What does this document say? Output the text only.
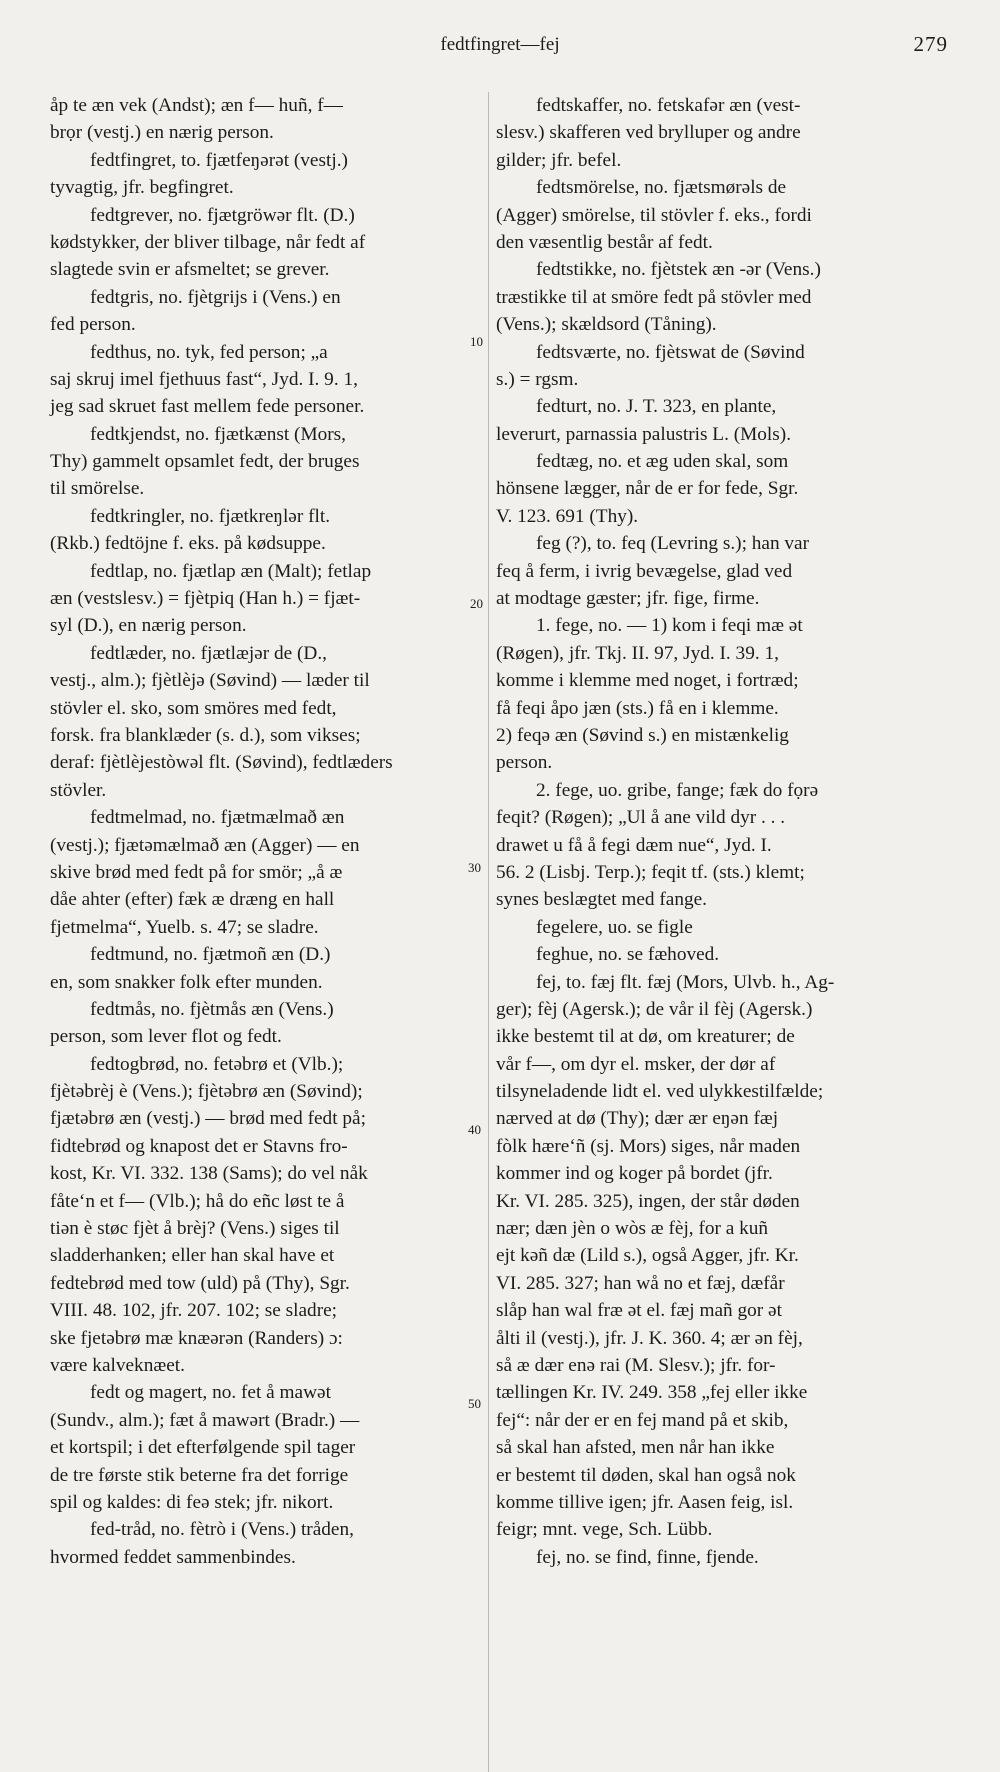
fedtfingret—fej	279
10
20
30
40
50
åp te æn vek (Andst); æn f— huñ, f—
brọr (vestj.) en nærig person.
fedtfingret, to. fjætfeŋərət (vestj.)
tyvagtig, jfr. begfingret.
fedtgrever, no. fjætgröwər flt. (D.)
kødstykker, der bliver tilbage, når fedt af
slagtede svin er afsmeltet; se grever.
fedtgris, no. fjètgrijs i (Vens.) en
fed person.
fedthus, no. tyk, fed person; „a
saj skruj imel fjethuus fast“, Jyd. I. 9. 1,
jeg sad skruet fast mellem fede personer.
fedtkjendst, no. fjætkænst (Mors,
Thy) gammelt opsamlet fedt, der bruges
til smörelse.
fedtkringler, no. fjætkreŋlər flt.
(Rkb.) fedtöjne f. eks. på kødsuppe.
fedtlap, no. fjætlap æn (Malt); fetlap
æn (vestslesv.) = fjètpiq (Han h.) = fjæt-
syl (D.), en nærig person.
fedtlæder, no. fjætlæjər de (D.,
vestj., alm.); fjètlèjə (Søvind) — læder til
stövler el. sko, som smöres med fedt,
forsk. fra blanklæder (s. d.), som vikses;
deraf: fjètlèjestòwəl flt. (Søvind), fedtlæders
stövler.
fedtmelmad, no. fjætmælmað æn
(vestj.); fjætəmælmað æn (Agger) — en
skive brød med fedt på for smör; „å æ
dåe ahter (efter) fæk æ dræng en hall
fjetmelma“, Yuelb. s. 47; se sladre.
fedtmund, no. fjætmoñ æn (D.)
en, som snakker folk efter munden.
fedtmås, no. fjètmås æn (Vens.)
person, som lever flot og fedt.
fedtogbrød, no. fetəbrø et (Vlb.);
fjètəbrèj è (Vens.); fjètəbrø æn (Søvind);
fjætəbrø æn (vestj.) — brød med fedt på;
fidtebrød og knapost det er Stavns fro-
kost, Kr. VI. 332. 138 (Sams); do vel nåk
fåte‘n et f— (Vlb.); hå do eñc løst te å
tiən è støc fjèt å brèj? (Vens.) siges til
sladderhanken; eller han skal have et
fedtebrød med tow (uld) på (Thy), Sgr.
VIII. 48. 102, jfr. 207. 102; se sladre;
ske fjetəbrø mæ knæərən (Randers) ɔ:
være kalveknæet.
fedt og magert, no. fet å mawət
(Sundv., alm.); fæt å mawərt (Bradr.) —
et kortspil; i det efterfølgende spil tager
de tre første stik beterne fra det forrige
spil og kaldes: di feə stek; jfr. nikort.
fed-tråd, no. fètrò i (Vens.) tråden,
hvormed feddet sammenbindes.
fedtskaffer, no. fetskafər æn (vest-
slesv.) skafferen ved brylluper og andre
gilder; jfr. befel.
fedtsmörelse, no. fjætsmørəls de
(Agger) smörelse, til stövler f. eks., fordi
den væsentlig består af fedt.
fedtstikke, no. fjètstek æn -ər (Vens.)
træstikke til at smöre fedt på stövler med
(Vens.); skældsord (Tåning).
fedtsværte, no. fjètswat de (Søvind
s.) = rgsm.
fedturt, no. J. T. 323, en plante,
leverurt, parnassia palustris L. (Mols).
fedtæg, no. et æg uden skal, som
hönsene lægger, når de er for fede, Sgr.
V. 123. 691 (Thy).
feg (?), to. feq (Levring s.); han var
feq å ferm, i ivrig bevægelse, glad ved
at modtage gæster; jfr. fige, firme.
1. fege, no. — 1) kom i feqi mæ ət
(Røgen), jfr. Tkj. II. 97, Jyd. I. 39. 1,
komme i klemme med noget, i fortræd;
få feqi åpo jæn (sts.) få en i klemme.
2) feqə æn (Søvind s.) en mistænkelig
person.
2. fege, uo. gribe, fange; fæk do fọrə
feqit? (Røgen); „Ul å ane vild dyr . . .
drawet u få å fegi dæm nue“, Jyd. I.
56. 2 (Lisbj. Terp.); feqit tf. (sts.) klemt;
synes beslægtet med fange.
fegelere, uo. se figle
feghue, no. se fæhoved.
fej, to. fæj flt. fæj (Mors, Ulvb. h., Ag-
ger); fèj (Agersk.); de vår il fèj (Agersk.)
ikke bestemt til at dø, om kreaturer; de
vår f—, om dyr el. msker, der dør af
tilsyneladende lidt el. ved ulykkestilfælde;
nærved at dø (Thy); dær ær eŋən fæj
fòlk hære‘ñ (sj. Mors) siges, når maden
kommer ind og koger på bordet (jfr.
Kr. VI. 285. 325), ingen, der står døden
nær; dæn jèn o wòs æ fèj, for a kuñ
ejt kəñ dæ (Lild s.), også Agger, jfr. Kr.
VI. 285. 327; han wå no et fæj, dæfår
slåp han wal fræ ət el. fæj mañ gor ət
ålti il (vestj.), jfr. J. K. 360. 4; ær ən fèj,
så æ dær enə rai (M. Slesv.); jfr. for-
tællingen Kr. IV. 249. 358 „fej eller ikke
fej“: når der er en fej mand på et skib,
så skal han afsted, men når han ikke
er bestemt til døden, skal han også nok
komme tillive igen; jfr. Aasen feig, isl.
feigr; mnt. vege, Sch. Lübb.
fej, no. se find, finne, fjende.
